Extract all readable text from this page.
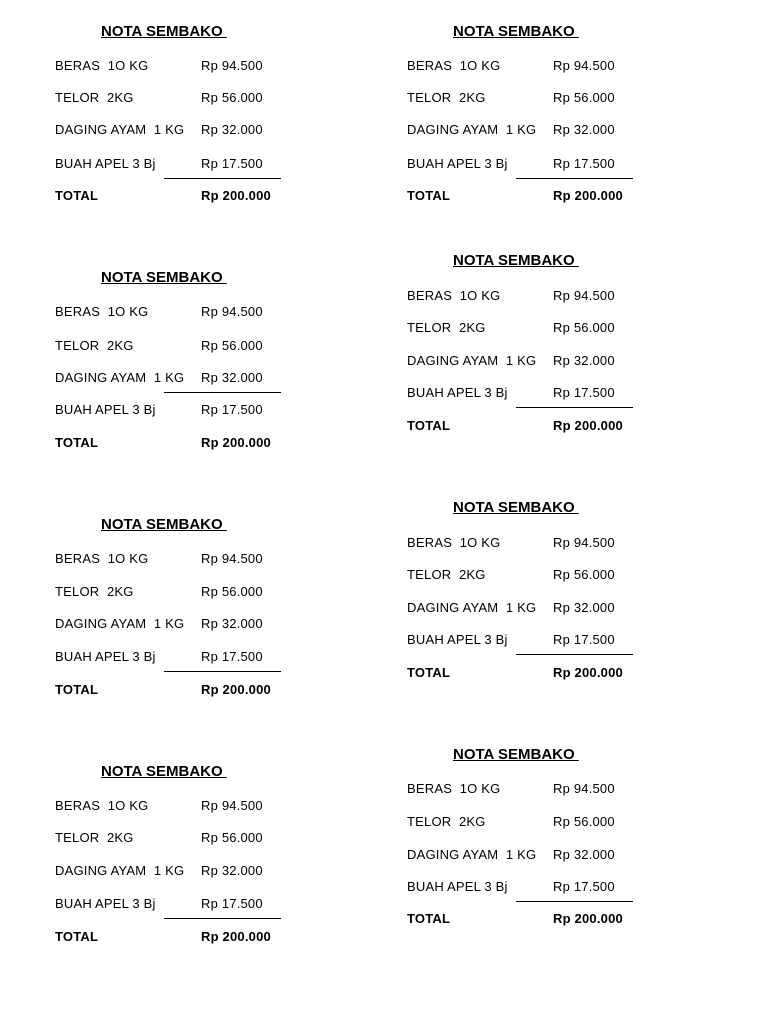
NOTA SEMBAKO
BERAS  1O KG	Rp 94.500
TELOR  2KG	Rp 56.000
DAGING AYAM  1 KG Rp 32.000
BUAH APEL 3 Bj	Rp 17.500
TOTAL	Rp 200.000
NOTA SEMBAKO
BERAS  1O KG	Rp 94.500
TELOR  2KG	Rp 56.000
DAGING AYAM  1 KG Rp 32.000
BUAH APEL 3 Bj	Rp 17.500
TOTAL	Rp 200.000
NOTA SEMBAKO
BERAS  1O KG	Rp 94.500
TELOR  2KG	Rp 56.000
DAGING AYAM  1 KG Rp 32.000
BUAH APEL 3 Bj	Rp 17.500
TOTAL	Rp 200.000
NOTA SEMBAKO
BERAS  1O KG	Rp 94.500
TELOR  2KG	Rp 56.000
DAGING AYAM  1 KG Rp 32.000
BUAH APEL 3 Bj	Rp 17.500
TOTAL	Rp 200.000
NOTA SEMBAKO
BERAS  1O KG	Rp 94.500
TELOR  2KG	Rp 56.000
DAGING AYAM  1 KG Rp 32.000
BUAH APEL 3 Bj	Rp 17.500
TOTAL	Rp 200.000
NOTA SEMBAKO
BERAS  1O KG	Rp 94.500
TELOR  2KG	Rp 56.000
DAGING AYAM  1 KG Rp 32.000
BUAH APEL 3 Bj	Rp 17.500
TOTAL	Rp 200.000
NOTA SEMBAKO
BERAS  1O KG	Rp 94.500
TELOR  2KG	Rp 56.000
DAGING AYAM  1 KG Rp 32.000
BUAH APEL 3 Bj	Rp 17.500
TOTAL	Rp 200.000
NOTA SEMBAKO
BERAS  1O KG	Rp 94.500
TELOR  2KG	Rp 56.000
DAGING AYAM  1 KG Rp 32.000
BUAH APEL 3 Bj	Rp 17.500
TOTAL	Rp 200.000
